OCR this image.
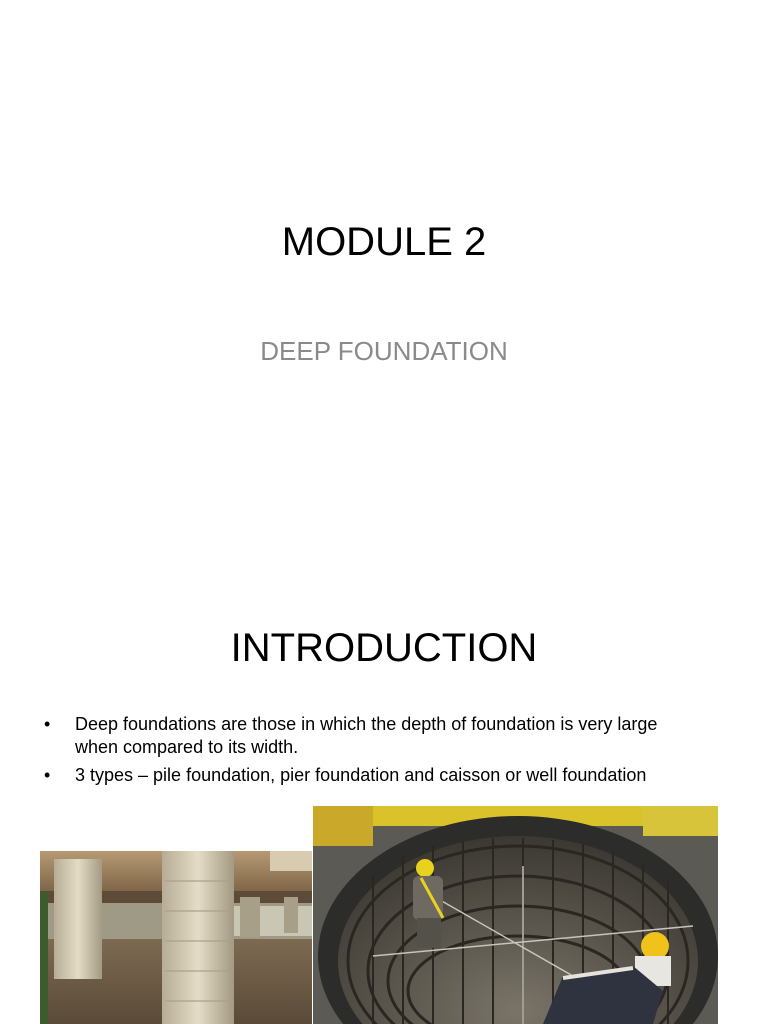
MODULE 2
DEEP FOUNDATION
INTRODUCTION
• Deep foundations are those in which the depth of foundation is very large when compared to its width.
• 3 types – pile foundation, pier foundation and caisson or well foundation
